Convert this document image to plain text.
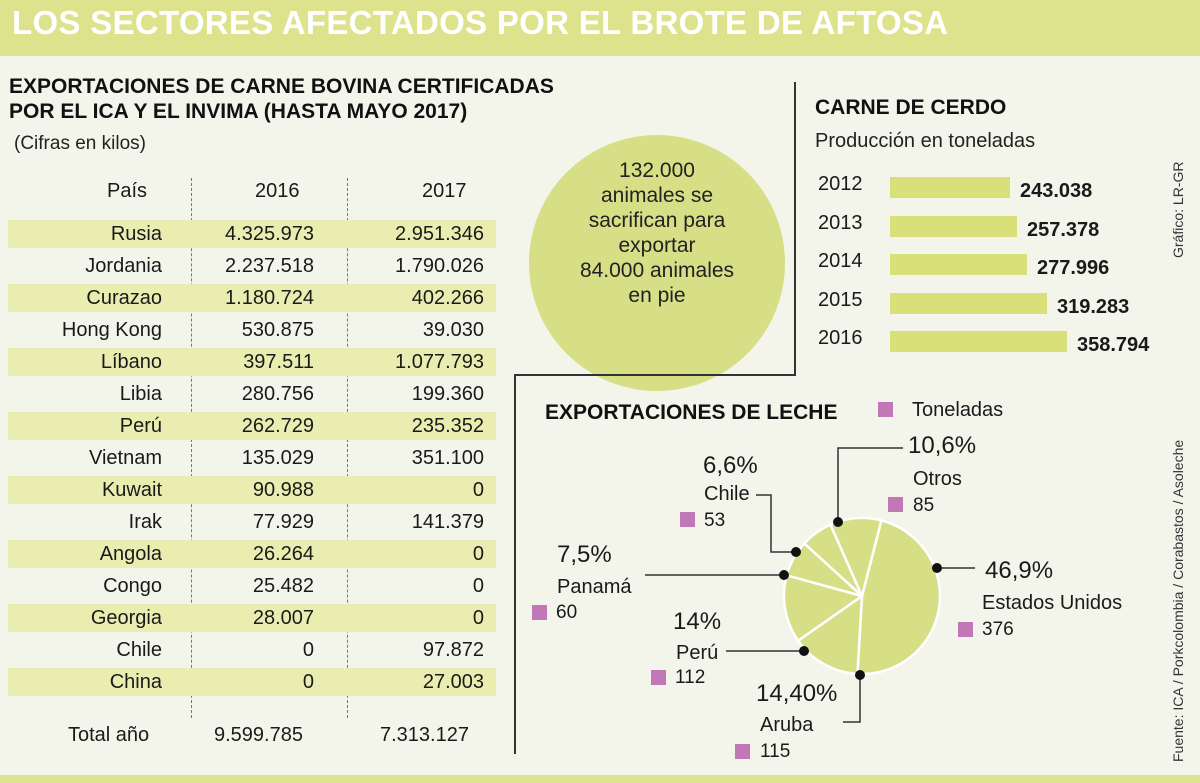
LOS SECTORES AFECTADOS POR EL BROTE DE AFTOSA
EXPORTACIONES DE CARNE BOVINA CERTIFICADAS
POR EL ICA Y EL INVIMA (HASTA MAYO 2017)
(Cifras en kilos)
País	2016	2017
Rusia	4.325.973	2.951.346
Jordania	2.237.518	1.790.026
Curazao	1.180.724	402.266
Hong Kong	530.875	39.030
Líbano	397.511	1.077.793
Libia	280.756	199.360
Perú	262.729	235.352
Vietnam	135.029	351.100
Kuwait	90.988	0
Irak	77.929	141.379
Angola	26.264	0
Congo	25.482	0
Georgia	28.007	0
Chile	0	97.872
China	0	27.003
Total año	9.599.785	7.313.127
132.000
animales se
sacrifican para
exportar
84.000 animales
en pie
CARNE DE CERDO
Producción en toneladas
2012	243.038
2013	257.378
2014	277.996
2015	319.283
2016	358.794
EXPORTACIONES DE LECHE	Toneladas
46,9%
Estados Unidos
376
14,40%
Aruba
115
14%
Perú
112
7,5%
Panamá
60
6,6%
Chile
53
10,6%
Otros
85
Gráfico: LR-GR
Fuente: ICA / Porkcolombia / Corabastos / Asoleche
